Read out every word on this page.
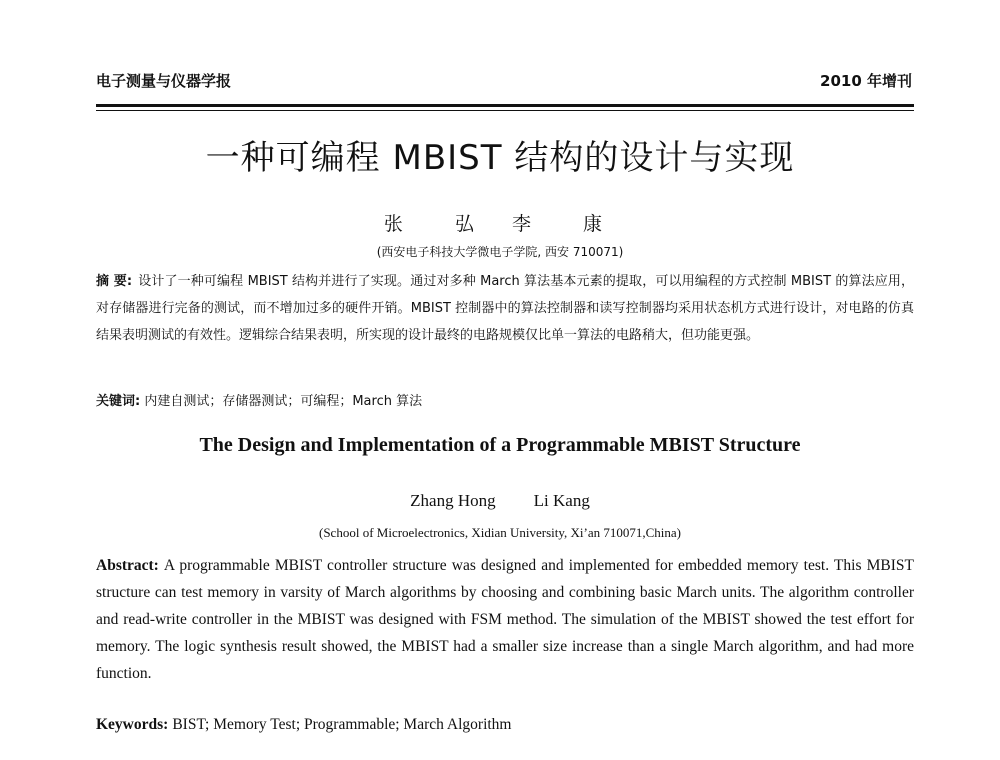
电子测量与仪器学报	2010 年增刊
一种可编程 MBIST 结构的设计与实现
张 弘 李 康
(西安电子科技大学微电子学院, 西安 710071)
摘 要: 设计了一种可编程 MBIST 结构并进行了实现。通过对多种 March 算法基本元素的提取，可以用编程的方式控制 MBIST 的算法应用，对存储器进行完备的测试，而不增加过多的硬件开销。MBIST 控制器中的算法控制器和读写控制器均采用状态机方式进行设计，对电路的仿真结果表明测试的有效性。逻辑综合结果表明，所实现的设计最终的电路规模仅比单一算法的电路稍大，但功能更强。
关键词: 内建自测试；存储器测试；可编程；March 算法
The Design and Implementation of a Programmable MBIST Structure
Zhang Hong Li Kang
(School of Microelectronics, Xidian University, Xi’an 710071,China)
Abstract: A programmable MBIST controller structure was designed and implemented for embedded memory test. This MBIST structure can test memory in varsity of March algorithms by choosing and combining basic March units. The algorithm controller and read-write controller in the MBIST was designed with FSM method. The simulation of the MBIST showed the test effort for memory. The logic synthesis result showed, the MBIST had a smaller size increase than a single March algorithm, and had more function.
Keywords: BIST; Memory Test; Programmable; March Algorithm
